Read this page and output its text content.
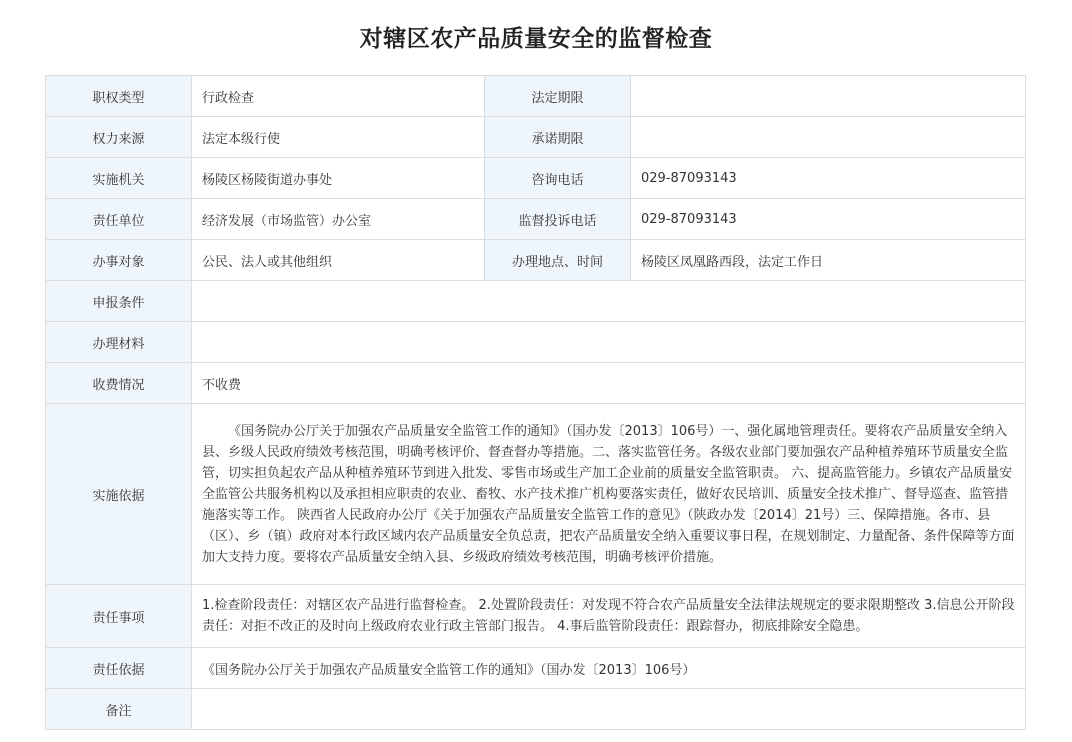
对辖区农产品质量安全的监督检查
职权类型	行政检查	法定期限	
权力来源	法定本级行使	承诺期限	
实施机关	杨陵区杨陵街道办事处	咨询电话	029-87093143
责任单位	经济发展（市场监管）办公室	监督投诉电话	029-87093143
办事对象	公民、法人或其他组织	办理地点、时间	杨陵区凤凰路西段，法定工作日
申报条件			
办理材料			
收费情况	不收费		
实施依据	《国务院办公厅关于加强农产品质量安全监管工作的通知》（国办发〔2013〕106号）一、强化属地管理责任。要将农产品质量安全纳入县、乡级人民政府绩效考核范围，明确考核评价、督查督办等措施。二、落实监管任务。各级农业部门要加强农产品种植养殖环节质量安全监管，切实担负起农产品从种植养殖环节到进入批发、零售市场或生产加工企业前的质量安全监管职责。 六、提高监管能力。乡镇农产品质量安全监管公共服务机构以及承担相应职责的农业、畜牧、水产技术推广机构要落实责任，做好农民培训、质量安全技术推广、督导巡查、监管措施落实等工作。 陕西省人民政府办公厅《关于加强农产品质量安全监管工作的意见》（陕政办发〔2014〕21号）三、保障措施。各市、县（区）、乡（镇）政府对本行政区域内农产品质量安全负总责，把农产品质量安全纳入重要议事日程，在规划制定、力量配备、条件保障等方面加大支持力度。要将农产品质量安全纳入县、乡级政府绩效考核范围，明确考核评价措施。		

责任事项	1.检查阶段责任：对辖区农产品进行监督检查。 2.处置阶段责任：对发现不符合农产品质量安全法律法规规定的要求限期整改 3.信息公开阶段责任：对拒不改正的及时向上级政府农业行政主管部门报告。 4.事后监管阶段责任：跟踪督办，彻底排除安全隐患。		
责任依据	《国务院办公厅关于加强农产品质量安全监管工作的通知》（国办发〔2013〕106号）		
备注			
